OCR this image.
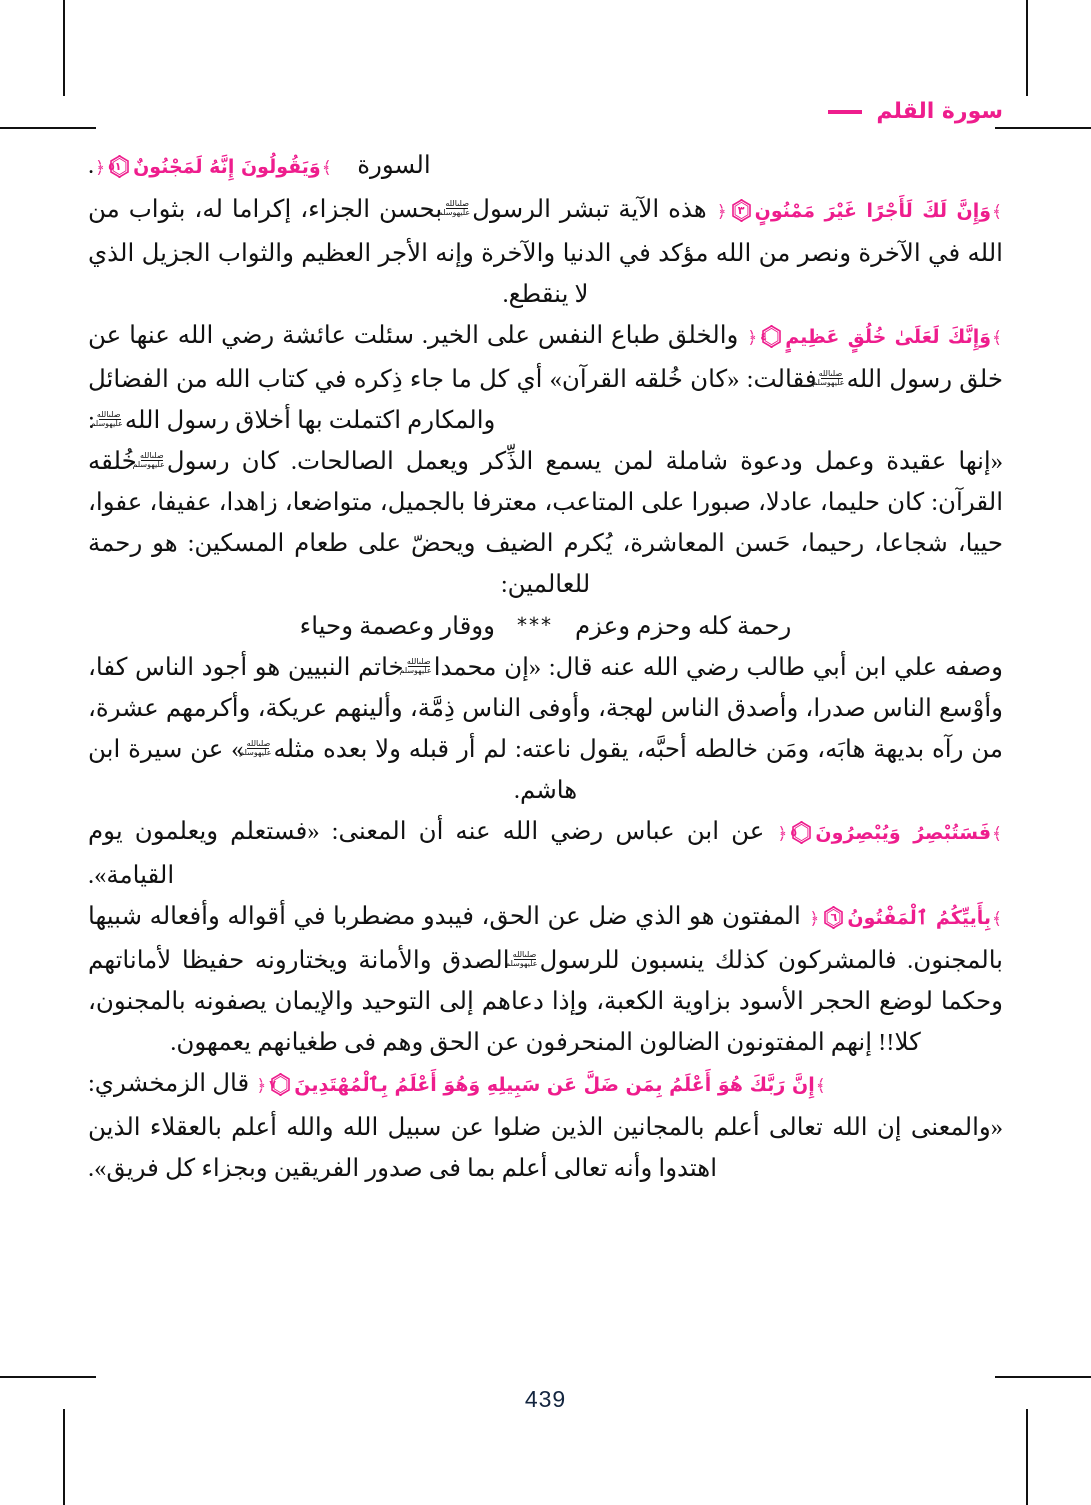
سورة القلم

السورة    ﴾وَيَقُولُونَ إِنَّهُ لَمَجْنُونٌ
٥١
﴿.

﴾وَإِنَّ لَكَ لَأَجْرًا غَيْرَ مَمْنُونٍ
٣
﴿ هذه الآية تبشر الرسول
صلىالله
عليهوسلم
بحسن الجزاء، إكراما له، بثواب من الله في الآخرة ونصر من الله مؤكد في الدنيا والآخرة وإنه الأجر العظيم والثواب الجزيل الذي لا ينقطع.

﴾وَإِنَّكَ لَعَلَىٰ خُلُقٍ عَظِيمٍ
٤
﴿ والخلق طباع النفس على الخير. سئلت عائشة رضي الله عنها عن خلق رسول الله
صلىالله
عليهوسلم
فقالت: «كان خُلقه القرآن» أي كل ما جاء ذِكره في كتاب الله من الفضائل والمكارم اكتملت بها أخلاق رسول الله
صلىالله
عليهوسلم
:

«إنها عقيدة وعمل ودعوة شاملة لمن يسمع الذِّكر ويعمل الصالحات. كان رسول
صلىالله
عليهوسلم
خُلقه القرآن: كان حليما، عادلا، صبورا على المتاعب، معترفا بالجميل، متواضعا، زاهدا، عفيفا، عفوا، حييا، شجاعا، رحيما، حَسن المعاشرة، يُكرم الضيف ويحضّ على طعام المسكين: هو رحمة للعالمين:

رحمة كله وحزم وعزم***ووقار وعصمة وحياء

وصفه علي ابن أبي طالب رضي الله عنه قال: «إن محمدا
صلىالله
عليهوسلم
خاتم النبيين هو أجود الناس كفا، وأوْسع الناس صدرا، وأصدق الناس لهجة، وأوفى الناس ذِمَّة، وألينهم عريكة، وأكرمهم عشرة، من رآه بديهة هابَه، ومَن خالطه أحبَّه، يقول ناعته: لم أر قبله ولا بعده مثله
صلىالله
عليهوسلم
» عن سيرة ابن هاشم.

﴾فَسَتُبْصِرُ وَيُبْصِرُونَ
٥
﴿ عن ابن عباس رضي الله عنه أن المعنى: «فستعلم ويعلمون يوم القيامة».

﴾بِأَييِّكُمُ ٱلْمَفْتُونُ
٦
﴿ المفتون هو الذي ضل عن الحق، فيبدو مضطربا في أقواله وأفعاله شبيها بالمجنون. فالمشركون كذلك ينسبون للرسول
صلىالله
عليهوسلم
الصدق والأمانة ويختارونه حفيظا لأماناتهم وحكما لوضع الحجر الأسود بزاوية الكعبة، وإذا دعاهم إلى التوحيد والإيمان يصفونه بالمجنون، كلا!! إنهم المفتونون الضالون المنحرفون عن الحق وهم فى طغيانهم يعمهون.

﴾إِنَّ رَبَّكَ هُوَ أَعْلَمُ بِمَن ضَلَّ عَن سَبِيلِهِ وَهُوَ أَعْلَمُ بِٱلْمُهْتَدِينَ
٧
﴿ قال الزمخشري:

«والمعنى إن الله تعالى أعلم بالمجانين الذين ضلوا عن سبيل الله والله أعلم بالعقلاء الذين اهتدوا وأنه تعالى أعلم بما فى صدور الفريقين وبجزاء كل فريق».

439
